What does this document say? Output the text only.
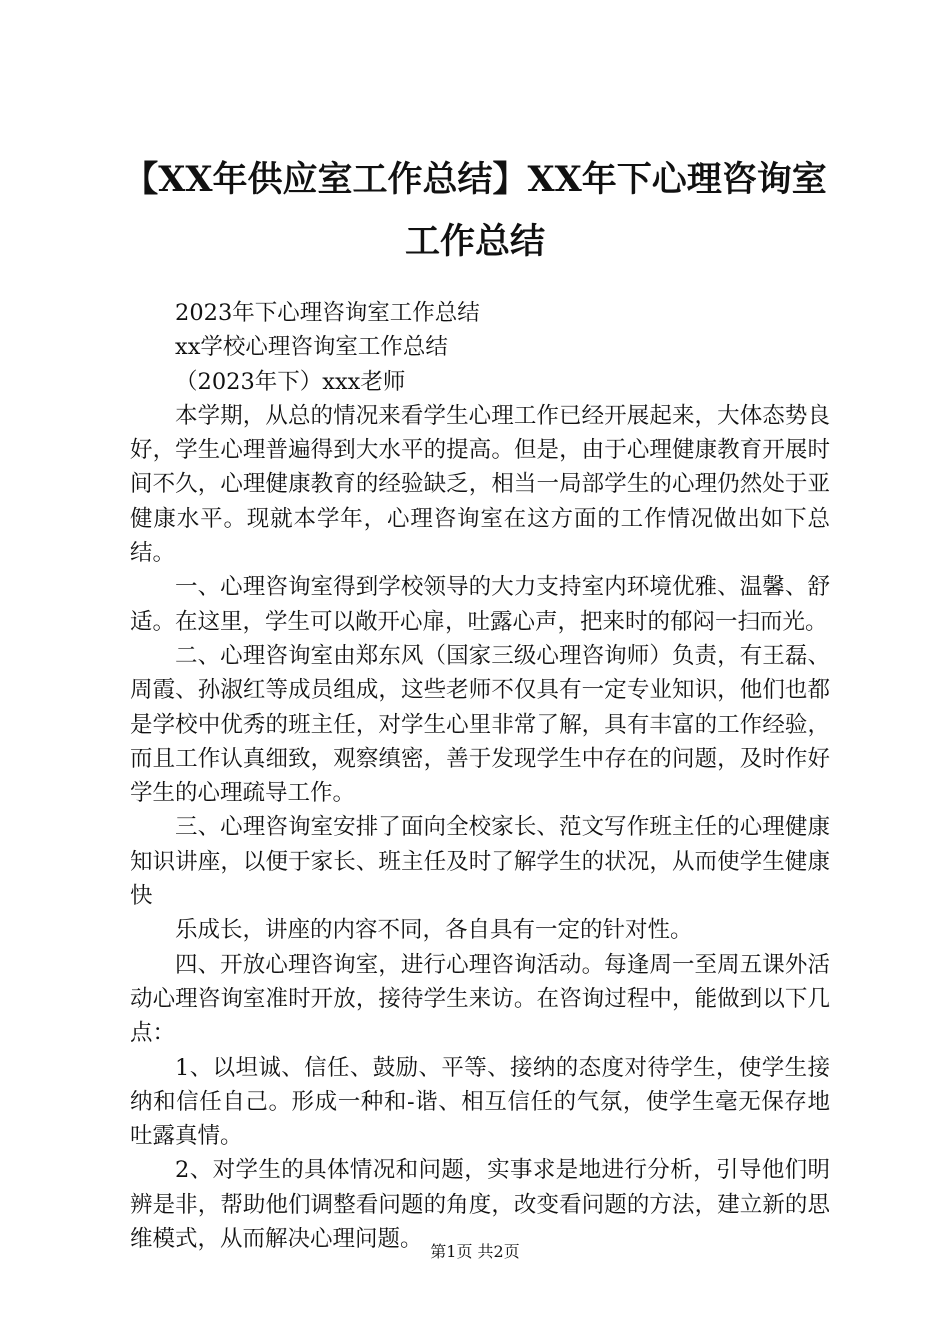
【XX年供应室工作总结】XX年下心理咨询室
工作总结

2023年下心理咨询室工作总结

xx学校心理咨询室工作总结

（2023年下）xxx老师

本学期，从总的情况来看学生心理工作已经开展起来，大体态势良好，学生心理普遍得到大水平的提高。但是，由于心理健康教育开展时间不久，心理健康教育的经验缺乏，相当一局部学生的心理仍然处于亚健康水平。现就本学年，心理咨询室在这方面的工作情况做出如下总结。

一、心理咨询室得到学校领导的大力支持室内环境优雅、温馨、舒适。在这里，学生可以敞开心扉，吐露心声，把来时的郁闷一扫而光。

二、心理咨询室由郑东风（国家三级心理咨询师）负责，有王磊、周霞、孙淑红等成员组成，这些老师不仅具有一定专业知识，他们也都是学校中优秀的班主任，对学生心里非常了解，具有丰富的工作经验，而且工作认真细致，观察缜密，善于发现学生中存在的问题，及时作好学生的心理疏导工作。

三、心理咨询室安排了面向全校家长、范文写作班主任的心理健康知识讲座，以便于家长、班主任及时了解学生的状况，从而使学生健康快

乐成长，讲座的内容不同，各自具有一定的针对性。

四、开放心理咨询室，进行心理咨询活动。每逢周一至周五课外活动心理咨询室准时开放，接待学生来访。在咨询过程中，能做到以下几点：

1、以坦诚、信任、鼓励、平等、接纳的态度对待学生，使学生接纳和信任自己。形成一种和-谐、相互信任的气氛，使学生毫无保存地吐露真情。

2、对学生的具体情况和问题，实事求是地进行分析，引导他们明辨是非，帮助他们调整看问题的角度，改变看问题的方法，建立新的思维模式，从而解决心理问题。 第1页 共2页
